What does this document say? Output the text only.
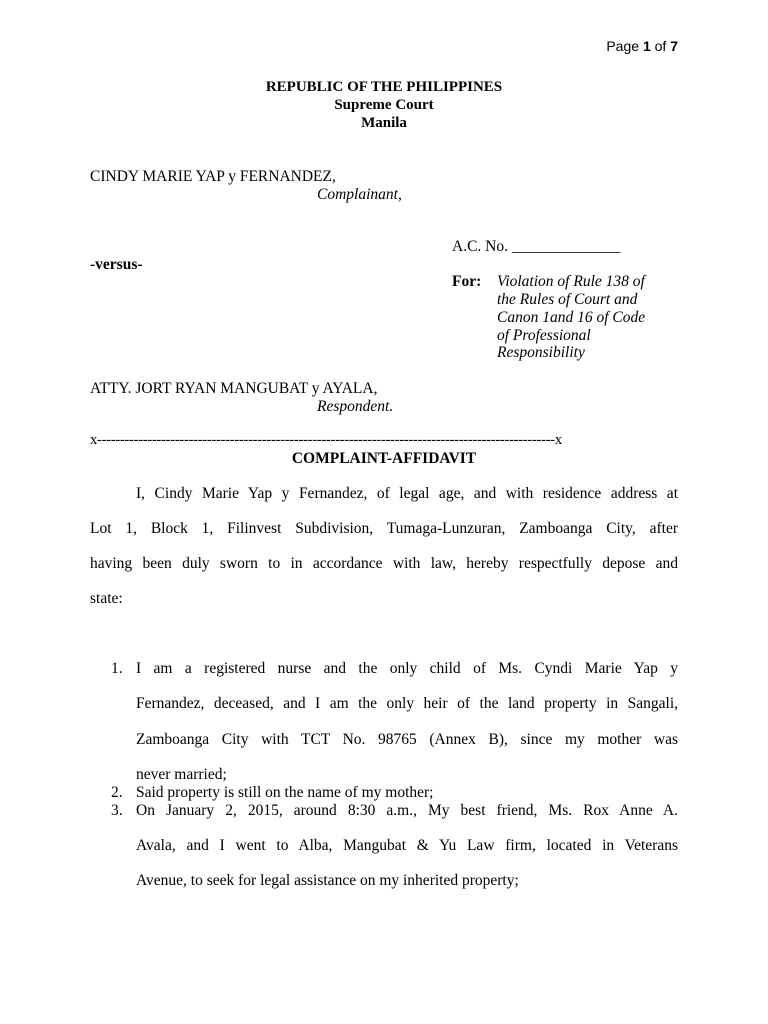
Page 1 of 7
REPUBLIC OF THE PHILIPPINES
Supreme Court
Manila
CINDY MARIE YAP y FERNANDEZ,
Complainant,
A.C. No. ______________
-versus-
For: Violation of Rule 138 of
the Rules of Court and
Canon 1and 16 of Code
of Professional
Responsibility
ATTY. JORT RYAN MANGUBAT y AYALA,
Respondent.
x----------------------------------------------------------------------------------------------------x
COMPLAINT-AFFIDAVIT
I, Cindy Marie Yap y Fernandez, of legal age, and with residence address at
Lot 1, Block 1, Filinvest Subdivision, Tumaga-Lunzuran, Zamboanga City, after
having been duly sworn to in accordance with law, hereby respectfully depose and
state:
1. I am a registered nurse and the only child of Ms. Cyndi Marie Yap y
Fernandez, deceased, and I am the only heir of the land property in Sangali,
Zamboanga City with TCT No. 98765 (Annex B), since my mother was
never married;
2. Said property is still on the name of my mother;
3. On January 2, 2015, around 8:30 a.m., My best friend, Ms. Rox Anne A.
Avala, and I went to Alba, Mangubat & Yu Law firm, located in Veterans
Avenue, to seek for legal assistance on my inherited property;
